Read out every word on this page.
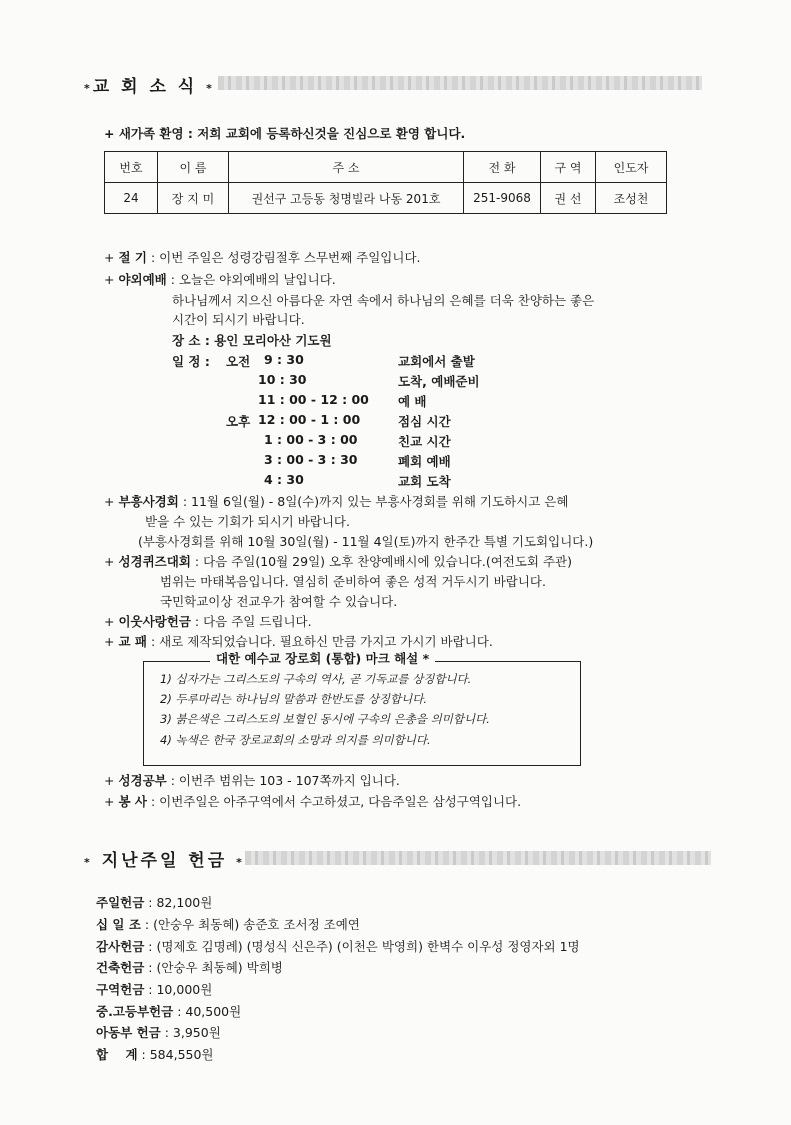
*교 회 소 식 *
+ 새가족 환영 : 저희 교회에 등록하신것을 진심으로 환영 합니다.
번호	이 름	주 소	전 화	구 역	인도자
24	장 지 미	권선구 고등동 청명빌라 나동 201호	251-9068	권 선	조성천
+ 절 기 : 이번 주일은 성령강림절후 스무번째 주일입니다.
+ 야외예배 : 오늘은 야외예배의 날입니다.
하나님께서 지으신 아름다운 자연 속에서 하나님의 은혜를 더욱 찬양하는 좋은
시간이 되시기 바랍니다.
장 소 : 용인 모리아산 기도원
일 정 : 오전 9 : 30	교회에서 출발
10 : 30	도착, 예배준비
11 : 00 - 12 : 00 예 배
오후 12 : 00 - 1 : 00	점심 시간
1 : 00 - 3 : 00	친교 시간
3 : 00 - 3 : 30	폐회 예배
4 : 30	교회 도착
+ 부흥사경회 : 11월 6일(월) - 8일(수)까지 있는 부흥사경회를 위해 기도하시고 은혜
받을 수 있는 기회가 되시기 바랍니다.
(부흥사경회를 위해 10월 30일(월) - 11월 4일(토)까지 한주간 특별 기도회입니다.)
+ 성경퀴즈대회 : 다음 주일(10월 29일) 오후 찬양예배시에 있습니다.(여전도회 주관)
범위는 마태복음입니다. 열심히 준비하여 좋은 성적 거두시기 바랍니다.
국민학교이상 전교우가 참여할 수 있습니다.
+ 이웃사랑헌금 : 다음 주일 드립니다.
+ 교 패 : 새로 제작되었습니다. 필요하신 만큼 가지고 가시기 바랍니다.
대한 예수교 장로회 (통합) 마크 해설 *
1) 십자가는 그리스도의 구속의 역사, 곧 기독교를 상징합니다.
2) 두루마리는 하나님의 말씀과 한반도를 상징합니다.
3) 붉은색은 그리스도의 보혈인 동시에 구속의 은총을 의미합니다.
4) 녹색은 한국 장로교회의 소망과 의지를 의미합니다.
+ 성경공부 : 이번주 범위는 103 - 107쪽까지 입니다.
+ 봉 사 : 이번주일은 아주구역에서 수고하셨고, 다음주일은 삼성구역입니다.
* 지난주일 헌금 *
주일헌금 : 82,100원
십 일 조 : (안숭우 최동혜) 송준호 조서정 조예연
감사헌금 : (명제호 김명례) (명성식 신은주) (이천은 박영희) 한벽수 이우성 정영자외 1명
건축헌금 : (안숭우 최동혜) 박희병
구역헌금 : 10,000원
중.고등부헌금 : 40,500원
아동부 헌금 : 3,950원
합    계 : 584,550원
